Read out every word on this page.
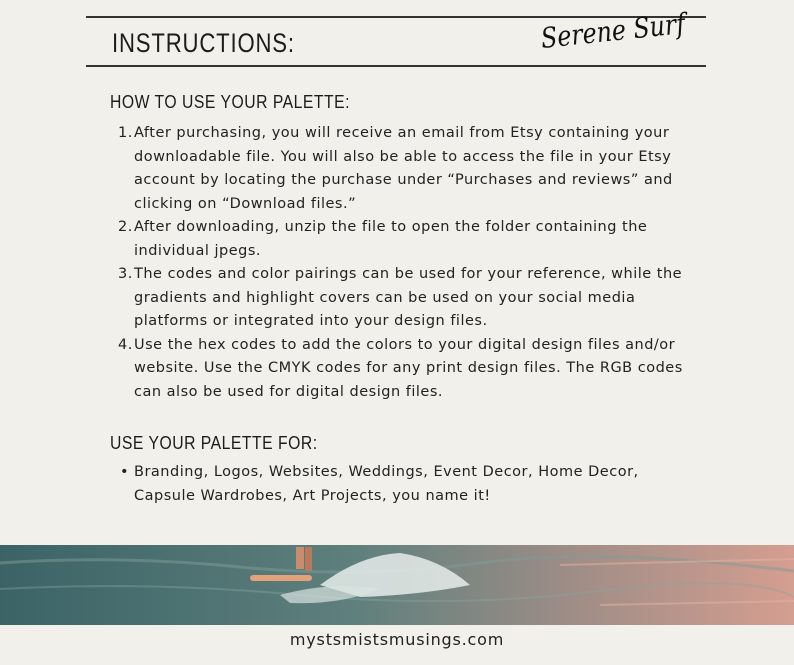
INSTRUCTIONS:	Serene Surf
HOW TO USE YOUR PALETTE:
1. After purchasing, you will receive an email from Etsy containing your downloadable file. You will also be able to access the file in your Etsy account by locating the purchase under “Purchases and reviews” and clicking on “Download files.”
2. After downloading, unzip the file to open the folder containing the individual jpegs.
3. The codes and color pairings can be used for your reference, while the gradients and highlight covers can be used on your social media platforms or integrated into your design files.
4. Use the hex codes to add the colors to your digital design files and/or website. Use the CMYK codes for any print design files. The RGB codes can also be used for digital design files.
USE YOUR PALETTE FOR:
• Branding, Logos, Websites, Weddings, Event Decor, Home Decor, Capsule Wardrobes, Art Projects, you name it!
mystsmistsmusings.com
